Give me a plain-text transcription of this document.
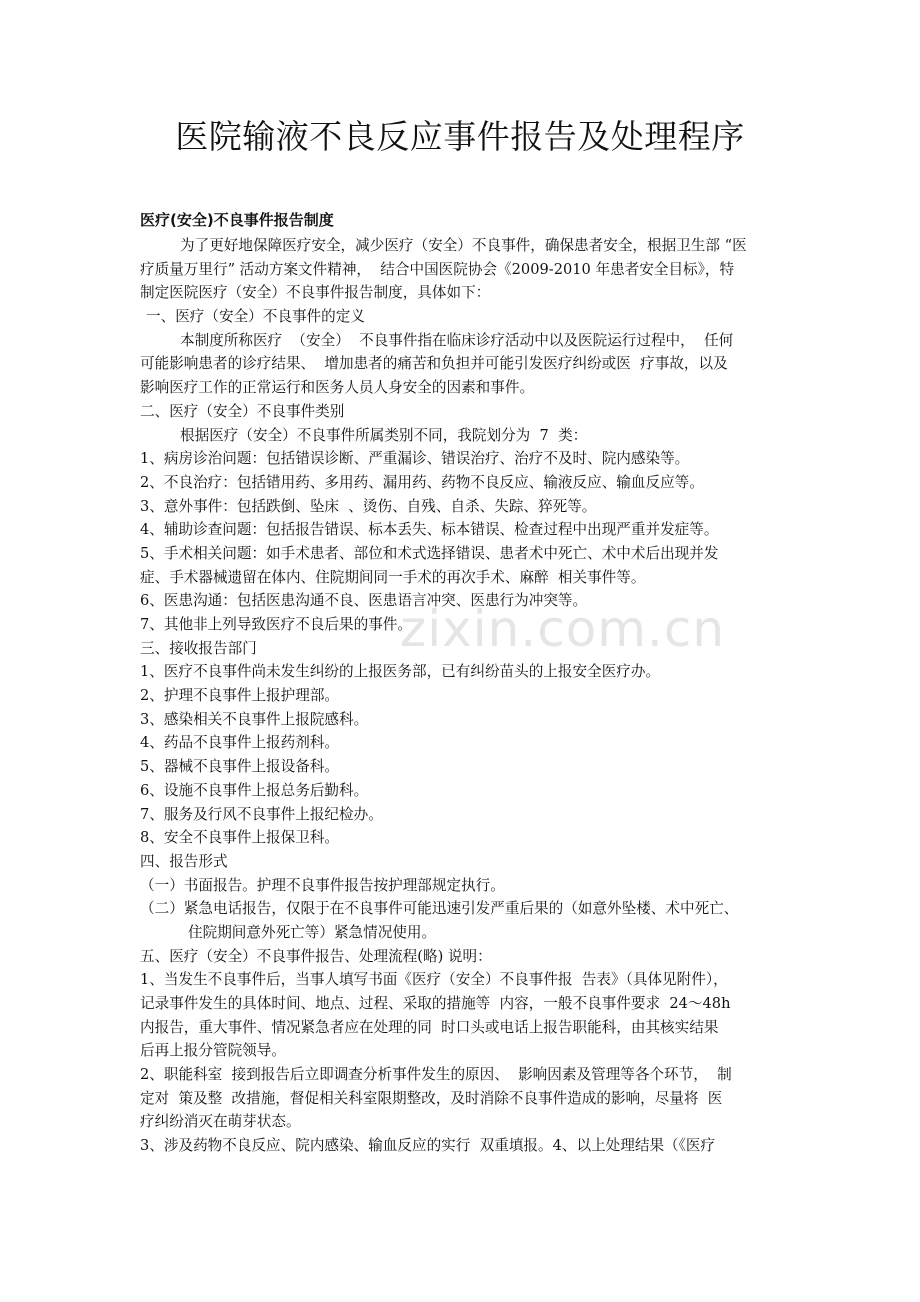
医院输液不良反应事件报告及处理程序
医疗(安全)不良事件报告制度
为了更好地保障医疗安全，减少医疗（安全）不良事件，确保患者安全，根据卫生部 “医
疗质量万里行” 活动方案文件精神，  结合中国医院协会《2009-2010 年患者安全目标》，特
制定医院医疗（安全）不良事件报告制度，具体如下：
一、医疗（安全）不良事件的定义
本制度所称医疗  （安全）  不良事件指在临床诊疗活动中以及医院运行过程中，  任何
可能影响患者的诊疗结果、  增加患者的痛苦和负担并可能引发医疗纠纷或医  疗事故，以及
影响医疗工作的正常运行和医务人员人身安全的因素和事件。
二、医疗（安全）不良事件类别
根据医疗（安全）不良事件所属类别不同，我院划分为  7  类：
1、病房诊治问题：包括错误诊断、严重漏诊、错误治疗、治疗不及时、院内感染等。
2、不良治疗：包括错用药、多用药、漏用药、药物不良反应、输液反应、输血反应等。
3、意外事件：包括跌倒、坠床  、烫伤、自残、自杀、失踪、猝死等。
4、辅助诊查问题：包括报告错误、标本丢失、标本错误、检查过程中出现严重并发症等。
5、手术相关问题：如手术患者、部位和术式选择错误、患者术中死亡、术中术后出现并发
症、手术器械遗留在体内、住院期间同一手术的再次手术、麻醉  相关事件等。
6、医患沟通：包括医患沟通不良、医患语言冲突、医患行为冲突等。
7、其他非上列导致医疗不良后果的事件。
三、接收报告部门
1、医疗不良事件尚未发生纠纷的上报医务部，已有纠纷苗头的上报安全医疗办。
2、护理不良事件上报护理部。
3、感染相关不良事件上报院感科。
4、药品不良事件上报药剂科。
5、器械不良事件上报设备科。
6、设施不良事件上报总务后勤科。
7、服务及行风不良事件上报纪检办。
8、安全不良事件上报保卫科。
四、报告形式
（一）书面报告。护理不良事件报告按护理部规定执行。
（二）紧急电话报告，仅限于在不良事件可能迅速引发严重后果的（如意外坠楼、术中死亡、
住院期间意外死亡等）紧急情况使用。
五、医疗（安全）不良事件报告、处理流程(略) 说明：
1、当发生不良事件后，当事人填写书面《医疗（安全）不良事件报  告表》（具体见附件），
记录事件发生的具体时间、地点、过程、采取的措施等  内容，一般不良事件要求  24～48h
内报告，重大事件、情况紧急者应在处理的同  时口头或电话上报告职能科，由其核实结果
后再上报分管院领导。
2、职能科室  接到报告后立即调查分析事件发生的原因、  影响因素及管理等各个环节，  制
定对  策及整  改措施，督促相关科室限期整改，及时消除不良事件造成的影响，尽量将  医
疗纠纷消灭在萌芽状态。
3、涉及药物不良反应、院内感染、输血反应的实行  双重填报。4、以上处理结果（《医疗
zixin.com.cn
